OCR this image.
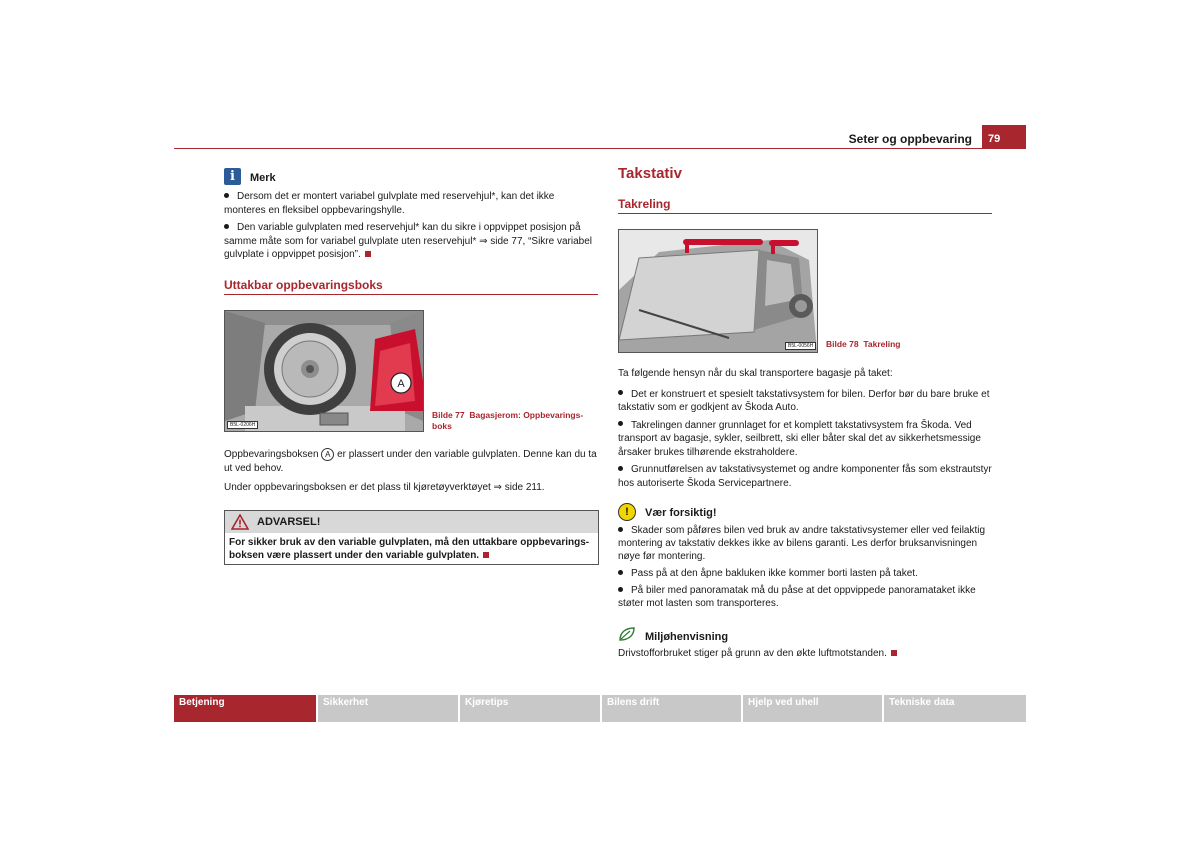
Seter og oppbevaring	79
i	Merk

Dersom det er montert variabel gulvplate med reservehjul*, kan det ikke monteres en fleksibel oppbevaringshylle.

Den variable gulvplaten med reservehjul* kan du sikre i oppvippet posisjon på samme måte som for variabel gulvplate uten reservehjul* ⇒ side 77, “Sikre variabel gulvplate i oppvippet posisjon”.

Uttakbar oppbevaringsboks
A
B5L-0206H
Bilde 77 Bagasjerom: Oppbevarings-boks

Oppbevaringsboksen A er plassert under den variable gulvplaten. Denne kan du ta ut ved behov.

Under oppbevaringsboksen er det plass til kjøretøyverktøyet ⇒ side 211.

ADVARSEL!
For sikker bruk av den variable gulvplaten, må den uttakbare oppbevarings-boksen være plassert under den variable gulvplaten.
Takstativ
Takreling
B5L-0056H	Bilde 78 Takreling

Ta følgende hensyn når du skal transportere bagasje på taket:

Det er konstruert et spesielt takstativsystem for bilen. Derfor bør du bare bruke et takstativ som er godkjent av Škoda Auto.

Takrelingen danner grunnlaget for et komplett takstativsystem fra Škoda. Ved transport av bagasje, sykler, seilbrett, ski eller båter skal det av sikkerhetsmessige årsaker brukes tilhørende ekstraholdere.

Grunnutførelsen av takstativsystemet og andre komponenter fås som ekstrautstyr hos autoriserte Škoda Servicepartnere.

!	Vær forsiktig!

Skader som påføres bilen ved bruk av andre takstativsystemer eller ved feilaktig montering av takstativ dekkes ikke av bilens garanti. Les derfor bruksanvisningen nøye før montering.

Pass på at den åpne bakluken ikke kommer borti lasten på taket.

På biler med panoramatak må du påse at det oppvippede panoramataket ikke støter mot lasten som transporteres.

Miljøhenvisning
Drivstofforbruket stiger på grunn av den økte luftmotstanden.
Betjening	Sikkerhet	Kjøretips	Bilens drift	Hjelp ved uhell	Tekniske data
